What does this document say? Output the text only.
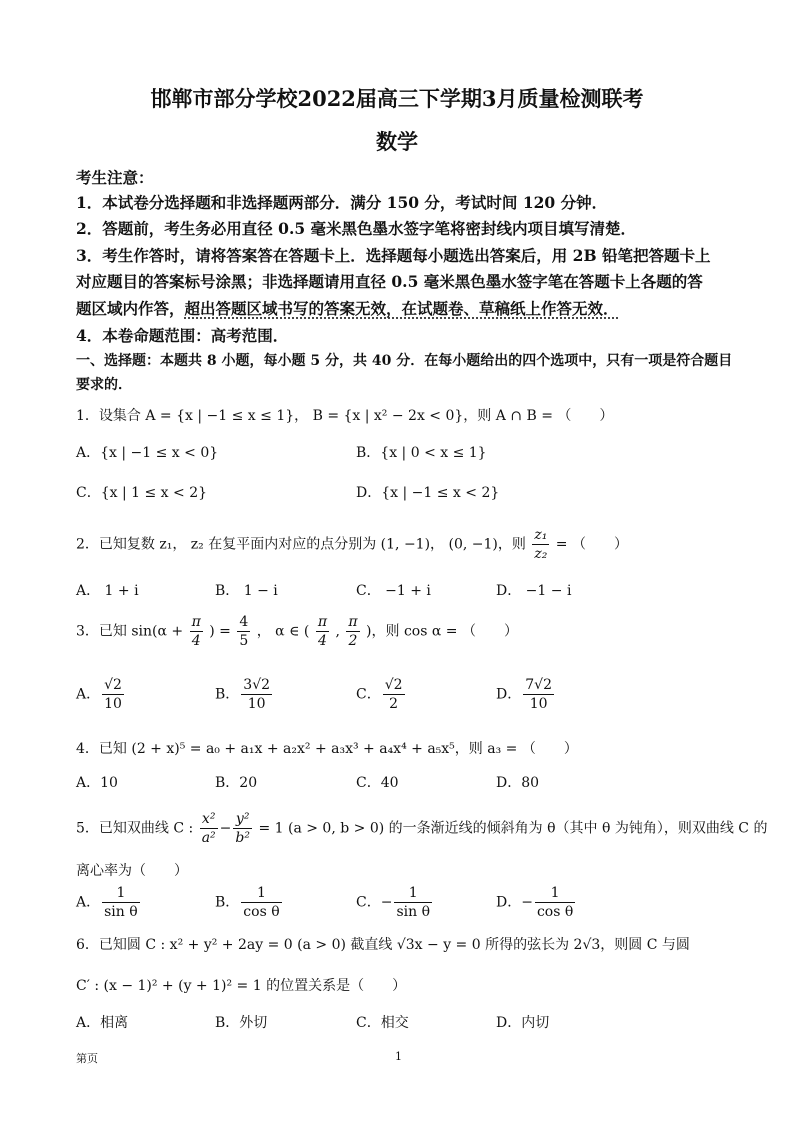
邯郸市部分学校2022届高三下学期3月质量检测联考
数学
考生注意：
1．本试卷分选择题和非选择题两部分．满分 150 分，考试时间 120 分钟．
2．答题前，考生务必用直径 0.5 毫米黑色墨水签字笔将密封线内项目填写清楚．
3．考生作答时，请将答案答在答题卡上．选择题每小题选出答案后，用 2B 铅笔把答题卡上
对应题目的答案标号涂黑；非选择题请用直径 0.5 毫米黑色墨水签字笔在答题卡上各题的答
题区域内作答，超出答题区域书写的答案无效，在试题卷、草稿纸上作答无效．
4．本卷命题范围：高考范围．
一、选择题：本题共 8 小题，每小题 5 分，共 40 分．在每小题给出的四个选项中，只有一项是符合题目
要求的．
1．设集合 A = {x | −1 ≤ x ≤ 1}， B = {x | x² − 2x < 0}，则 A ∩ B = （　　）
A．{x | −1 ≤ x < 0}	B．{x | 0 < x ≤ 1}
C．{x | 1 ≤ x < 2}	D．{x | −1 ≤ x < 2}
2．已知复数 z₁， z₂ 在复平面内对应的点分别为 (1, −1)， (0, −1)，则 $\frac{\text{z₁}}{\text{z₂}}$ = （　　）
A． 1 + i	B． 1 − i	C． −1 + i	D． −1 − i
3．已知 $\sin(\alpha + \frac{\pi}{4}$ ) = $\frac{4}{5}$ ， α ∈ ( $\frac{\pi}{4}$ , $\frac{\pi}{2}$ )，则 cos α = （　　）
A． $\frac{√2}{10}$	B． $\frac{3√2}{10}$	C． $\frac{√2}{2}$	D． $\frac{7√2}{10}$
4．已知 (2 + x)⁵ = a₀ + a₁x + a₂x² + a₃x³ + a₄x⁴ + a₅x⁵，则 a₃ = （　　）
A．10	B．20	C．40	D．80
5．已知双曲线 C : $\frac{\text{x²}}{\text{a²}} - \frac{\text{y²}}{\text{b²}} = 1$ (a > 0, b > 0) 的一条渐近线的倾斜角为 θ（其中 θ 为钝角），则双曲线 C 的
离心率为（　　）
A． $\frac{1}{\text{sin θ}}$	B． $\frac{1}{\text{cos θ}}$	C．− $\frac{1}{\text{sin θ}}$	D．− $\frac{1}{\text{cos θ}}$
6．已知圆 C : x² + y² + 2ay = 0 (a > 0) 截直线 √3x − y = 0 所得的弦长为 2√3，则圆 C 与圆
C′ : (x − 1)² + (y + 1)² = 1 的位置关系是（　　）
A．相离	B．外切	C．相交	D．内切
第页	1
